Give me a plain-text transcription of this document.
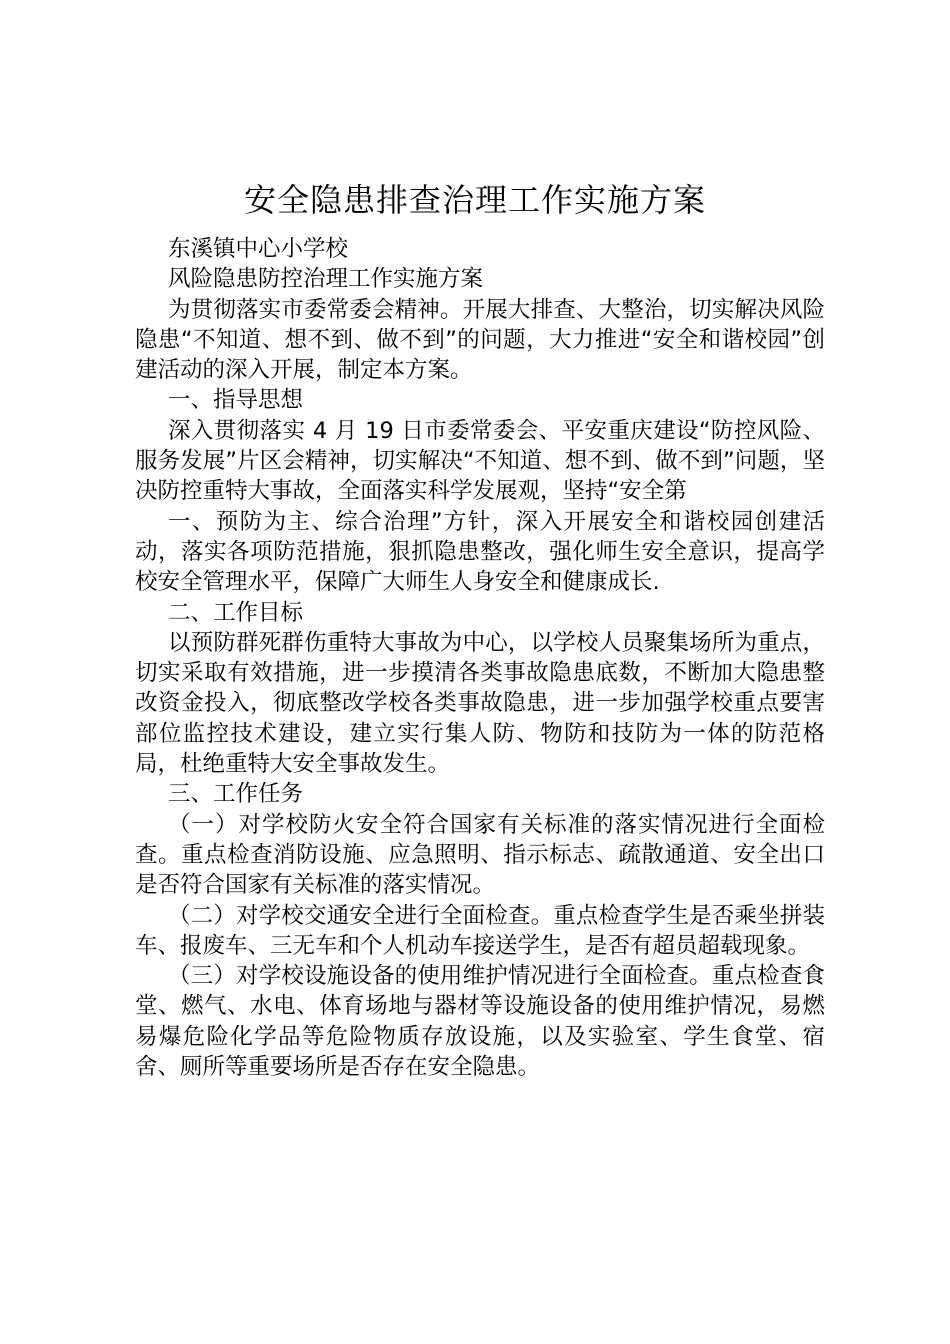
安全隐患排查治理工作实施方案

东溪镇中心小学校

风险隐患防控治理工作实施方案

为贯彻落实市委常委会精神。开展大排查、大整治，切实解决风险隐患“不知道、想不到、做不到”的问题，大力推进“安全和谐校园”创建活动的深入开展，制定本方案。

一、指导思想

深入贯彻落实 4 月 19 日市委常委会、平安重庆建设“防控风险、服务发展”片区会精神，切实解决“不知道、想不到、做不到”问题，坚决防控重特大事故，全面落实科学发展观，坚持“安全第

一、预防为主、综合治理”方针，深入开展安全和谐校园创建活动，落实各项防范措施，狠抓隐患整改，强化师生安全意识，提高学校安全管理水平，保障广大师生人身安全和健康成长.

二、工作目标

以预防群死群伤重特大事故为中心，以学校人员聚集场所为重点，切实采取有效措施，进一步摸清各类事故隐患底数，不断加大隐患整改资金投入，彻底整改学校各类事故隐患，进一步加强学校重点要害部位监控技术建设，建立实行集人防、物防和技防为一体的防范格局，杜绝重特大安全事故发生。

三、工作任务

（一）对学校防火安全符合国家有关标准的落实情况进行全面检查。重点检查消防设施、应急照明、指示标志、疏散通道、安全出口是否符合国家有关标准的落实情况。

（二）对学校交通安全进行全面检查。重点检查学生是否乘坐拼装车、报废车、三无车和个人机动车接送学生，是否有超员超载现象。

（三）对学校设施设备的使用维护情况进行全面检查。重点检查食堂、燃气、水电、体育场地与器材等设施设备的使用维护情况，易燃易爆危险化学品等危险物质存放设施，以及实验室、学生食堂、宿舍、厕所等重要场所是否存在安全隐患。
